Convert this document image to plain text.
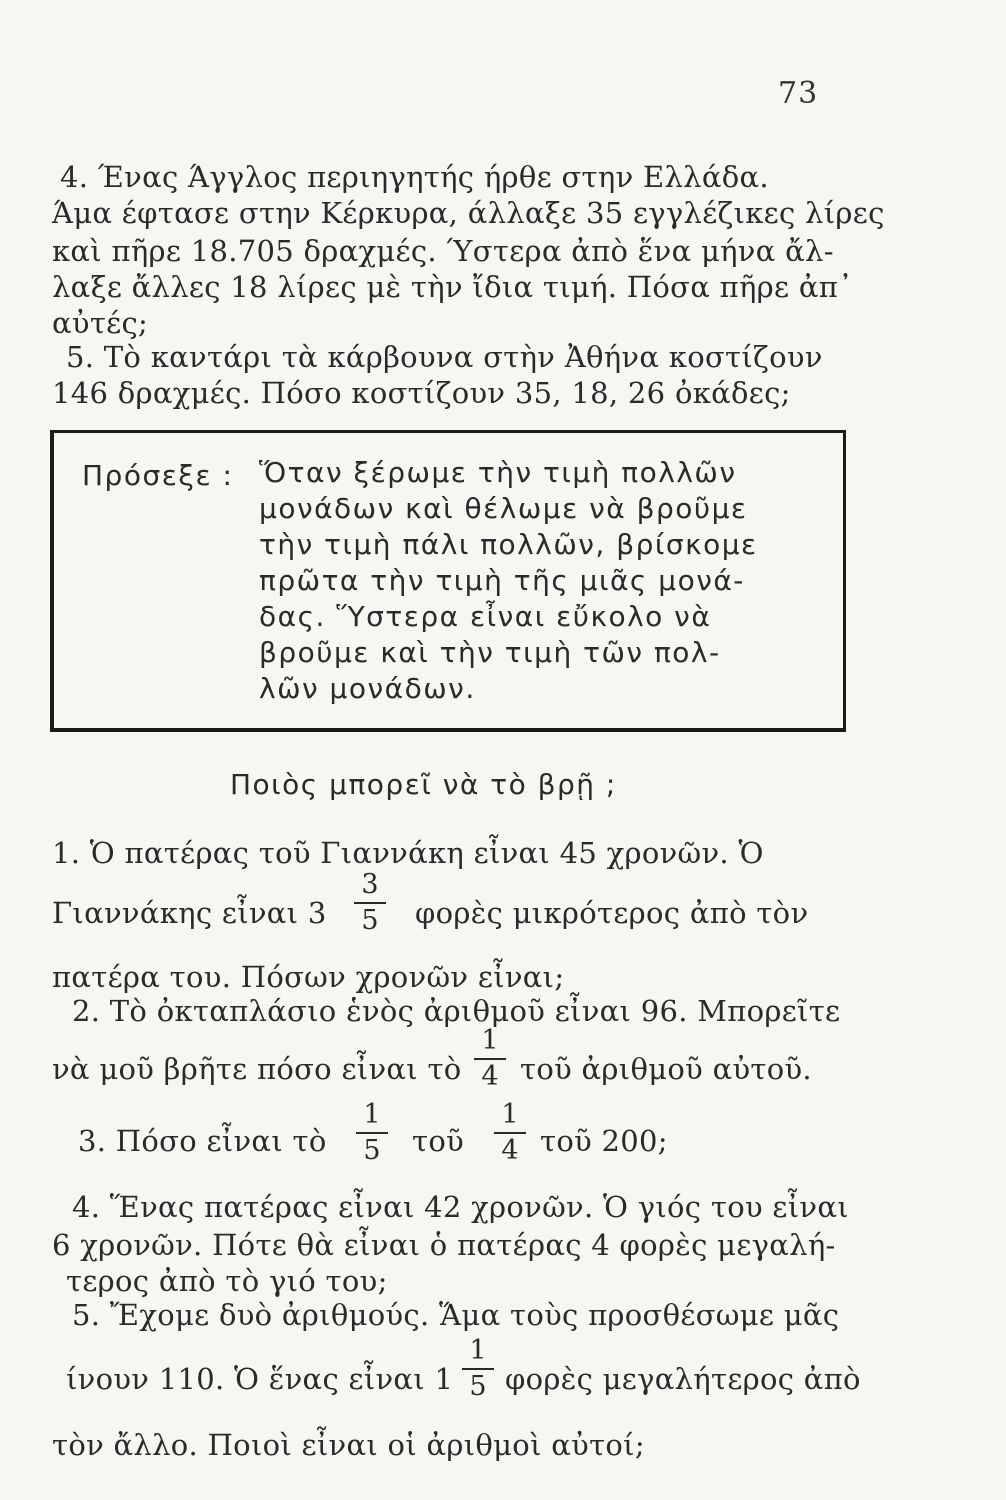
73
4. Ένας Άγγλος περιηγητής ήρθε στην Ελλάδα.
Άμα έφτασε στην Κέρκυρα, άλλαξε 35 εγγλέζικες λίρες
καὶ πῆρε 18.705 δραχμές. Ύστερα ἀπὸ ἕνα μήνα ἄλ-
λαξε ἄλλες 18 λίρες μὲ τὴν ἴδια τιμή. Πόσα πῆρε ἀπ᾽
αὐτές;
5. Τὸ καντάρι τὰ κάρβουνα στὴν Ἀθήνα κοστίζουν
146 δραχμές. Πόσο κοστίζουν 35, 18, 26 ὀκάδες;
Πρόσεξε : Ὅταν ξέρωμε τὴν τιμὴ πολλῶν
μονάδων καὶ θέλωμε νὰ βροῦμε
τὴν τιμὴ πάλι πολλῶν, βρίσκομε
πρῶτα τὴν τιμὴ τῆς μιᾶς μονά-
δας. Ὕστερα εἶναι εὔκολο νὰ
βροῦμε καὶ τὴν τιμὴ τῶν πολ-
λῶν μονάδων.
Ποιὸς μπορεῖ νὰ τὸ βρῇ ;
1. Ὁ πατέρας τοῦ Γιαννάκη εἶναι 45 χρονῶν. Ὁ
Γιαννάκης εἶναι 3
3
5	φορὲς μικρότερος ἀπὸ τὸν
πατέρα του. Πόσων χρονῶν εἶναι;
2. Τὸ ὀκταπλάσιο ἑνὸς ἀριθμοῦ εἶναι 96. Μπορεῖτε
νὰ μοῦ βρῆτε πόσο εἶναι τὸ
1
4 τοῦ ἀριθμοῦ αὐτοῦ.
3. Πόσο εἶναι τὸ
1
5	τοῦ
1
4 τοῦ 200;
4. Ἕνας πατέρας εἶναι 42 χρονῶν. Ὁ γιός του εἶναι
6 χρονῶν. Πότε θὰ εἶναι ὁ πατέρας 4 φορὲς μεγαλή-
τερος ἀπὸ τὸ γιό του;
5. Ἔχομε δυὸ ἀριθμούς. Ἅμα τοὺς προσθέσωμε μᾶς
ίνουν 110. Ὁ ἕνας εἶναι 1
1
5 φορὲς μεγαλήτερος ἀπὸ
τὸν ἄλλο. Ποιοὶ εἶναι οἱ ἀριθμοὶ αὐτοί;
